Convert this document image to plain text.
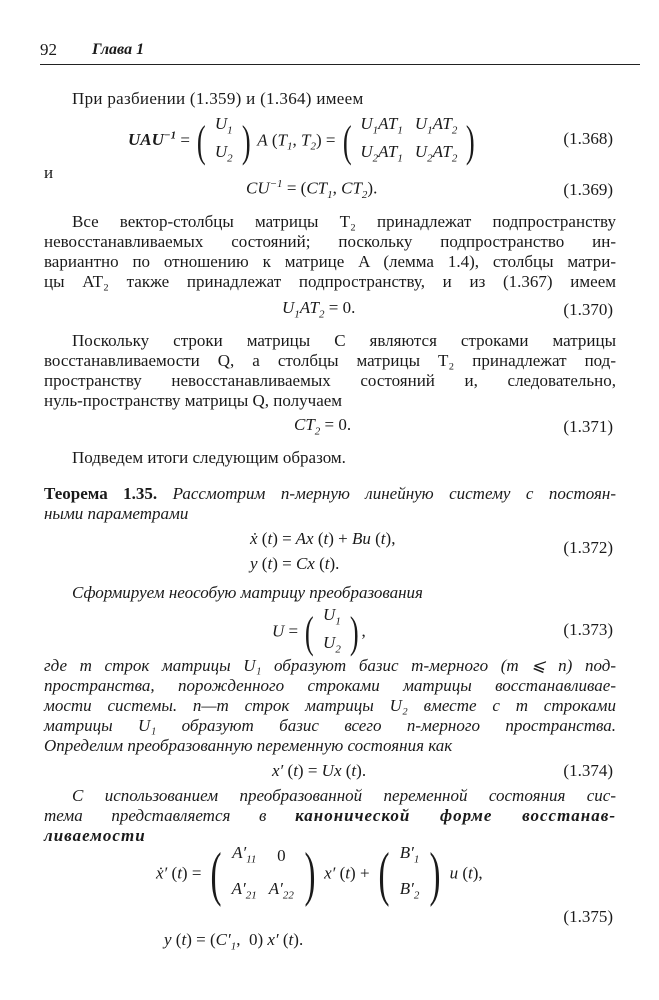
92 Глава 1
При разбиении (1.359) и (1.364) имеем
$UAU^{-1}$ = ( $U_1$
$U_2$ ) A ($T_1$, $T_2$) = ( $U_1AT_1$	$U_1AT_2$
$U_2AT_1$	$U_2AT_2$ )	(1.368)
и
$CU^{-1} = (CT_1$, $CT_2$).	(1.369)
Все вектор-столбцы матрицы T₂ принадлежат подпространству
невосстанавливаемых состояний; поскольку подпространство ин-
вариантно по отношению к матрице A (лемма 1.4), столбцы матри-
цы AT₂ также принадлежат подпространству, и из (1.367) имеем
$U_1AT_2 = 0$.	(1.370)
Поскольку строки матрицы C являются строками матрицы
восстанавливаемости Q, а столбцы матрицы T₂ принадлежат под-
пространству невосстанавливаемых состояний и, следовательно,
нуль-пространству матрицы Q, получаем
$CT_2 = 0$.	(1.371)
Подведем итоги следующим образом.
Теорема 1.35. Рассмотрим n-мерную линейную систему с постоян-
ными параметрами
ẋ (t) = Ax (t) + Bu (t),
y (t) = Cx (t).
(1.372)
Сформируем неособую матрицу преобразования
U = ( $U_1$
$U_2$ ) ,	(1.373)
где m строк матрицы U₁ образуют базис m-мерного (m ⩽ n) под-
пространства, порожденного строками матрицы восстанавливае-
мости системы. n—m строк матрицы U₂ вместе с m строками
матрицы U₁ образуют базис всего n-мерного пространства.
Определим преобразованную переменную состояния как
x′ (t) = Ux (t).	(1.374)
С использованием преобразованной переменной состояния сис-
тема представляется в канонической форме восстанав-
ливаемости
ẋ′ (t) = ( $A'_{11}$	0
$A'_{21}$	$A'_{22}$ ) x′ (t) + ( $B'_1$
$B'_2$ ) u (t),
(1.375)
y $(t) = (C'_1$,  0) x′ (t).
